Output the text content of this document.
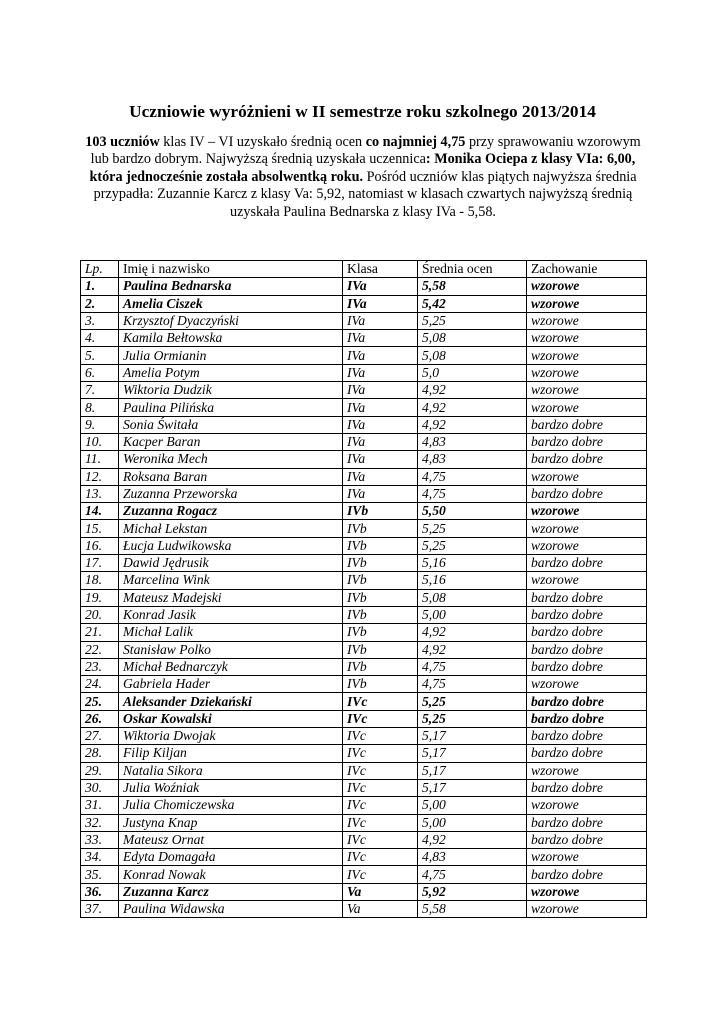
Uczniowie wyróżnieni w II semestrze roku szkolnego 2013/2014
103 uczniów klas IV – VI uzyskało średnią ocen co najmniej 4,75 przy sprawowaniu wzorowym lub bardzo dobrym. Najwyższą średnią uzyskała uczennica: Monika Ociepa z klasy VIa: 6,00, która jednocześnie została absolwentką roku. Pośród uczniów klas piątych najwyższa średnia przypadła: Zuzannie Karcz z klasy Va: 5,92, natomiast w klasach czwartych najwyższą średnią uzyskała Paulina Bednarska z klasy IVa - 5,58.
Lp.	Imię i nazwisko	Klasa	Średnia ocen	Zachowanie
1.	Paulina Bednarska	IVa	5,58	wzorowe
2.	Amelia Ciszek	IVa	5,42	wzorowe
3.	Krzysztof Dyaczyński	IVa	5,25	wzorowe
4.	Kamila Bełtowska	IVa	5,08	wzorowe
5.	Julia Ormianin	IVa	5,08	wzorowe
6.	Amelia Potym	IVa	5,0	wzorowe
7.	Wiktoria Dudzik	IVa	4,92	wzorowe
8.	Paulina Pilińska	IVa	4,92	wzorowe
9.	Sonia Świtała	IVa	4,92	bardzo dobre
10.	Kacper Baran	IVa	4,83	bardzo dobre
11.	Weronika Mech	IVa	4,83	bardzo dobre
12.	Roksana Baran	IVa	4,75	wzorowe
13.	Zuzanna Przeworska	IVa	4,75	bardzo dobre
14.	Zuzanna Rogacz	IVb	5,50	wzorowe
15.	Michał Lekstan	IVb	5,25	wzorowe
16.	Łucja Ludwikowska	IVb	5,25	wzorowe
17.	Dawid Jędrusik	IVb	5,16	bardzo dobre
18.	Marcelina Wink	IVb	5,16	wzorowe
19.	Mateusz Madejski	IVb	5,08	bardzo dobre
20.	Konrad Jasik	IVb	5,00	bardzo dobre
21.	Michał Lalik	IVb	4,92	bardzo dobre
22.	Stanisław Polko	IVb	4,92	bardzo dobre
23.	Michał Bednarczyk	IVb	4,75	bardzo dobre
24.	Gabriela Hader	IVb	4,75	wzorowe
25.	Aleksander Dziekański	IVc	5,25	bardzo dobre
26.	Oskar Kowalski	IVc	5,25	bardzo dobre
27.	Wiktoria Dwojak	IVc	5,17	bardzo dobre
28.	Filip Kiljan	IVc	5,17	bardzo dobre
29.	Natalia Sikora	IVc	5,17	wzorowe
30.	Julia Woźniak	IVc	5,17	bardzo dobre
31.	Julia Chomiczewska	IVc	5,00	wzorowe
32.	Justyna Knap	IVc	5,00	bardzo dobre
33.	Mateusz Ornat	IVc	4,92	bardzo dobre
34.	Edyta Domagała	IVc	4,83	wzorowe
35.	Konrad Nowak	IVc	4,75	bardzo dobre
36.	Zuzanna Karcz	Va	5,92	wzorowe
37.	Paulina Widawska	Va	5,58	wzorowe
